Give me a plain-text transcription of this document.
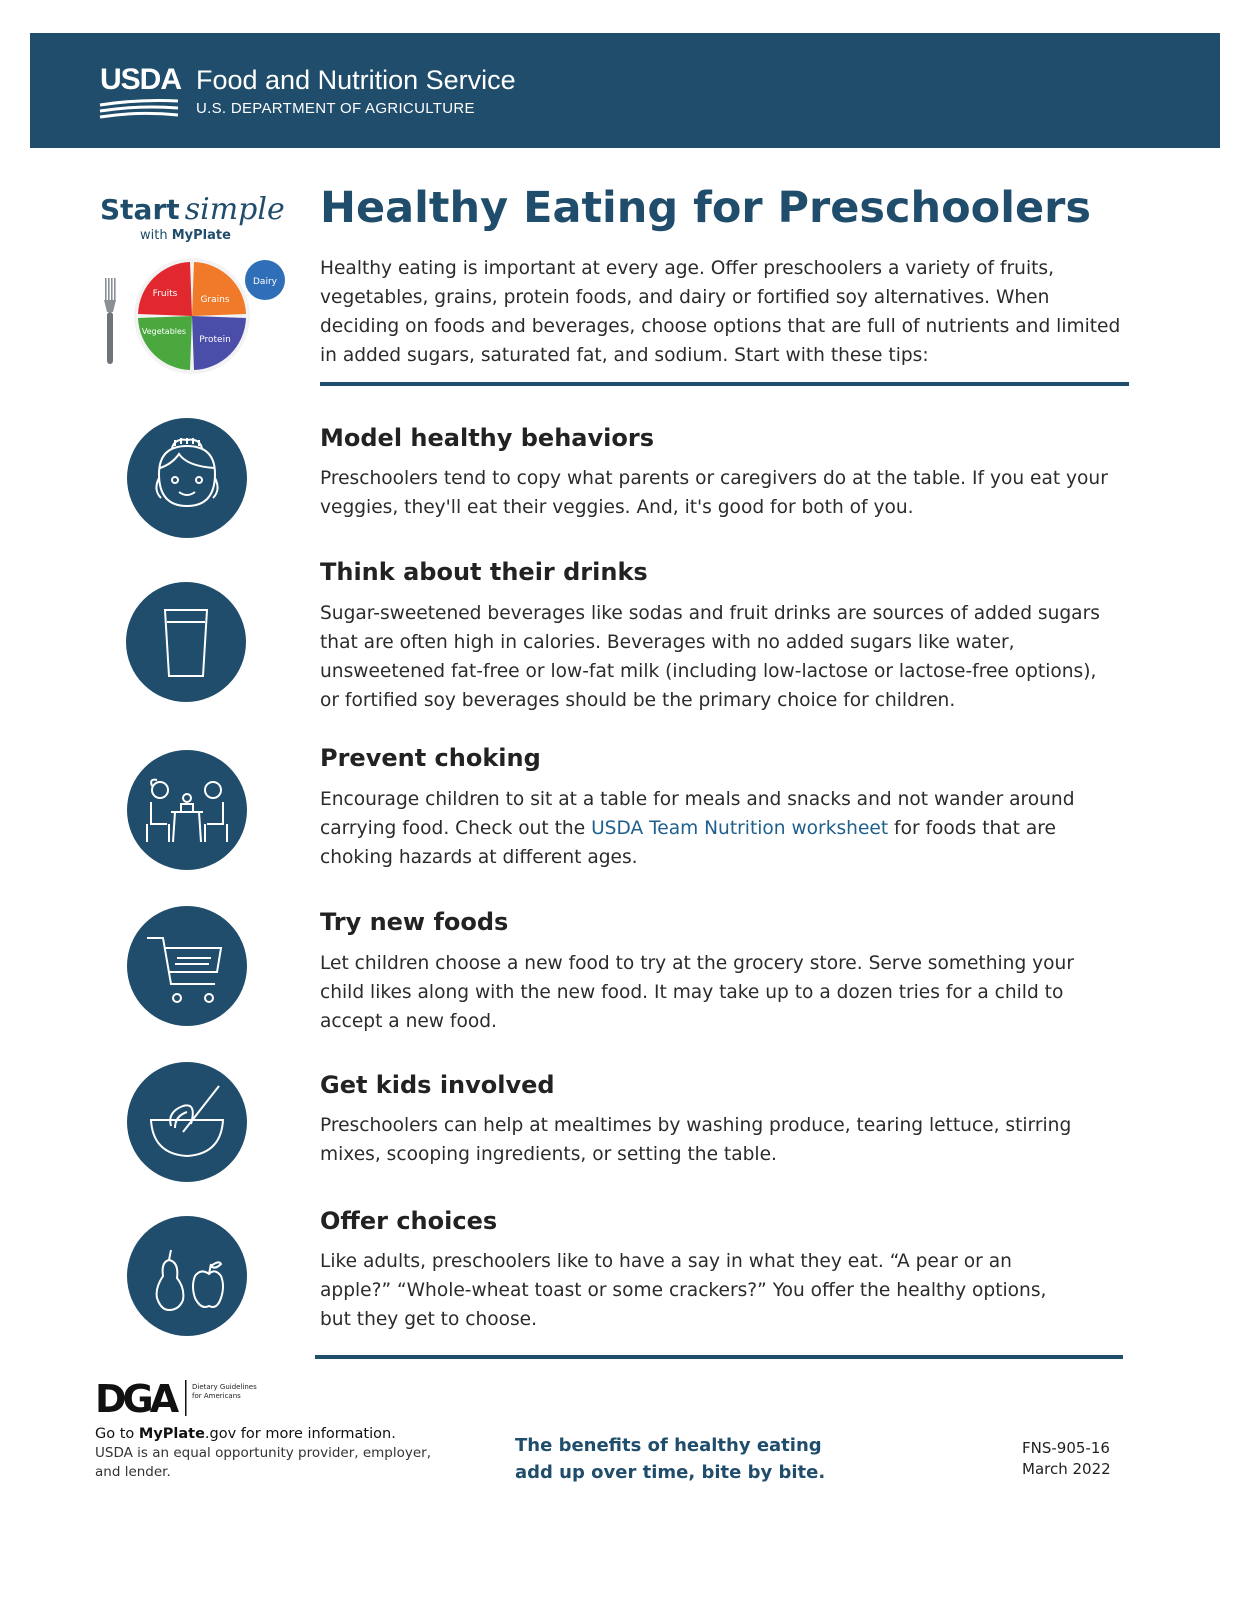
USDA Food and Nutrition Service
U.S. DEPARTMENT OF AGRICULTURE
Start simple
with MyPlate
Fruits
Grains
Vegetables
Protein
Dairy
Healthy Eating for Preschoolers
Healthy eating is important at every age. Offer preschoolers a variety of fruits, vegetables, grains, protein foods, and dairy or fortified soy alternatives. When deciding on foods and beverages, choose options that are full of nutrients and limited in added sugars, saturated fat, and sodium. Start with these tips:
Model healthy behaviors
Preschoolers tend to copy what parents or caregivers do at the table. If you eat your veggies, they'll eat their veggies. And, it's good for both of you.
Think about their drinks
Sugar-sweetened beverages like sodas and fruit drinks are sources of added sugars that are often high in calories. Beverages with no added sugars like water, unsweetened fat-free or low-fat milk (including low-lactose or lactose-free options), or fortified soy beverages should be the primary choice for children.
Prevent choking
Encourage children to sit at a table for meals and snacks and not wander around carrying food. Check out the USDA Team Nutrition worksheet for foods that are choking hazards at different ages.
Try new foods
Let children choose a new food to try at the grocery store. Serve something your child likes along with the new food. It may take up to a dozen tries for a child to accept a new food.
Get kids involved
Preschoolers can help at mealtimes by washing produce, tearing lettuce, stirring mixes, scooping ingredients, or setting the table.
Offer choices
Like adults, preschoolers like to have a say in what they eat. “A pear or an apple?” “Whole-wheat toast or some crackers?” You offer the healthy options, but they get to choose.
DGA	Dietary Guidelines for Americans
Go to MyPlate.gov for more information.
USDA is an equal opportunity provider, employer, and lender.
The benefits of healthy eating
add up over time, bite by bite.
FNS-905-16
March 2022
